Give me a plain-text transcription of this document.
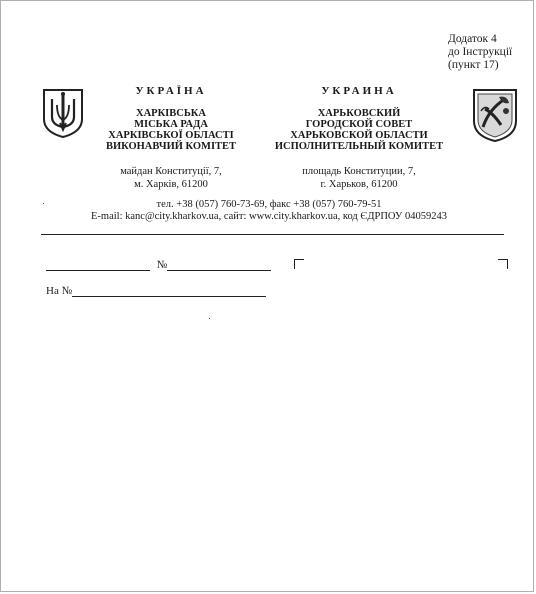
Додаток 4
до Інструкції
(пункт 17)
УКРАЇНА
ХАРКІВСЬКА
МІСЬКА РАДА
ХАРКІВСЬКОЇ ОБЛАСТІ
ВИКОНАВЧИЙ КОМІТЕТ
УКРАИНА
ХАРЬКОВСКИЙ
ГОРОДСКОЙ СОВЕТ
ХАРЬКОВСКОЙ ОБЛАСТИ
ИСПОЛНИТЕЛЬНЫЙ КОМИТЕТ
майдан Конституції, 7,
м. Харків, 61200
площадь Конституции, 7,
г. Харьков, 61200
тел. +38 (057) 760-73-69, факс +38 (057) 760-79-51
E-mail: kanc@city.kharkov.ua, сайт: www.city.kharkov.ua, код ЄДРПОУ 04059243
№
На №
